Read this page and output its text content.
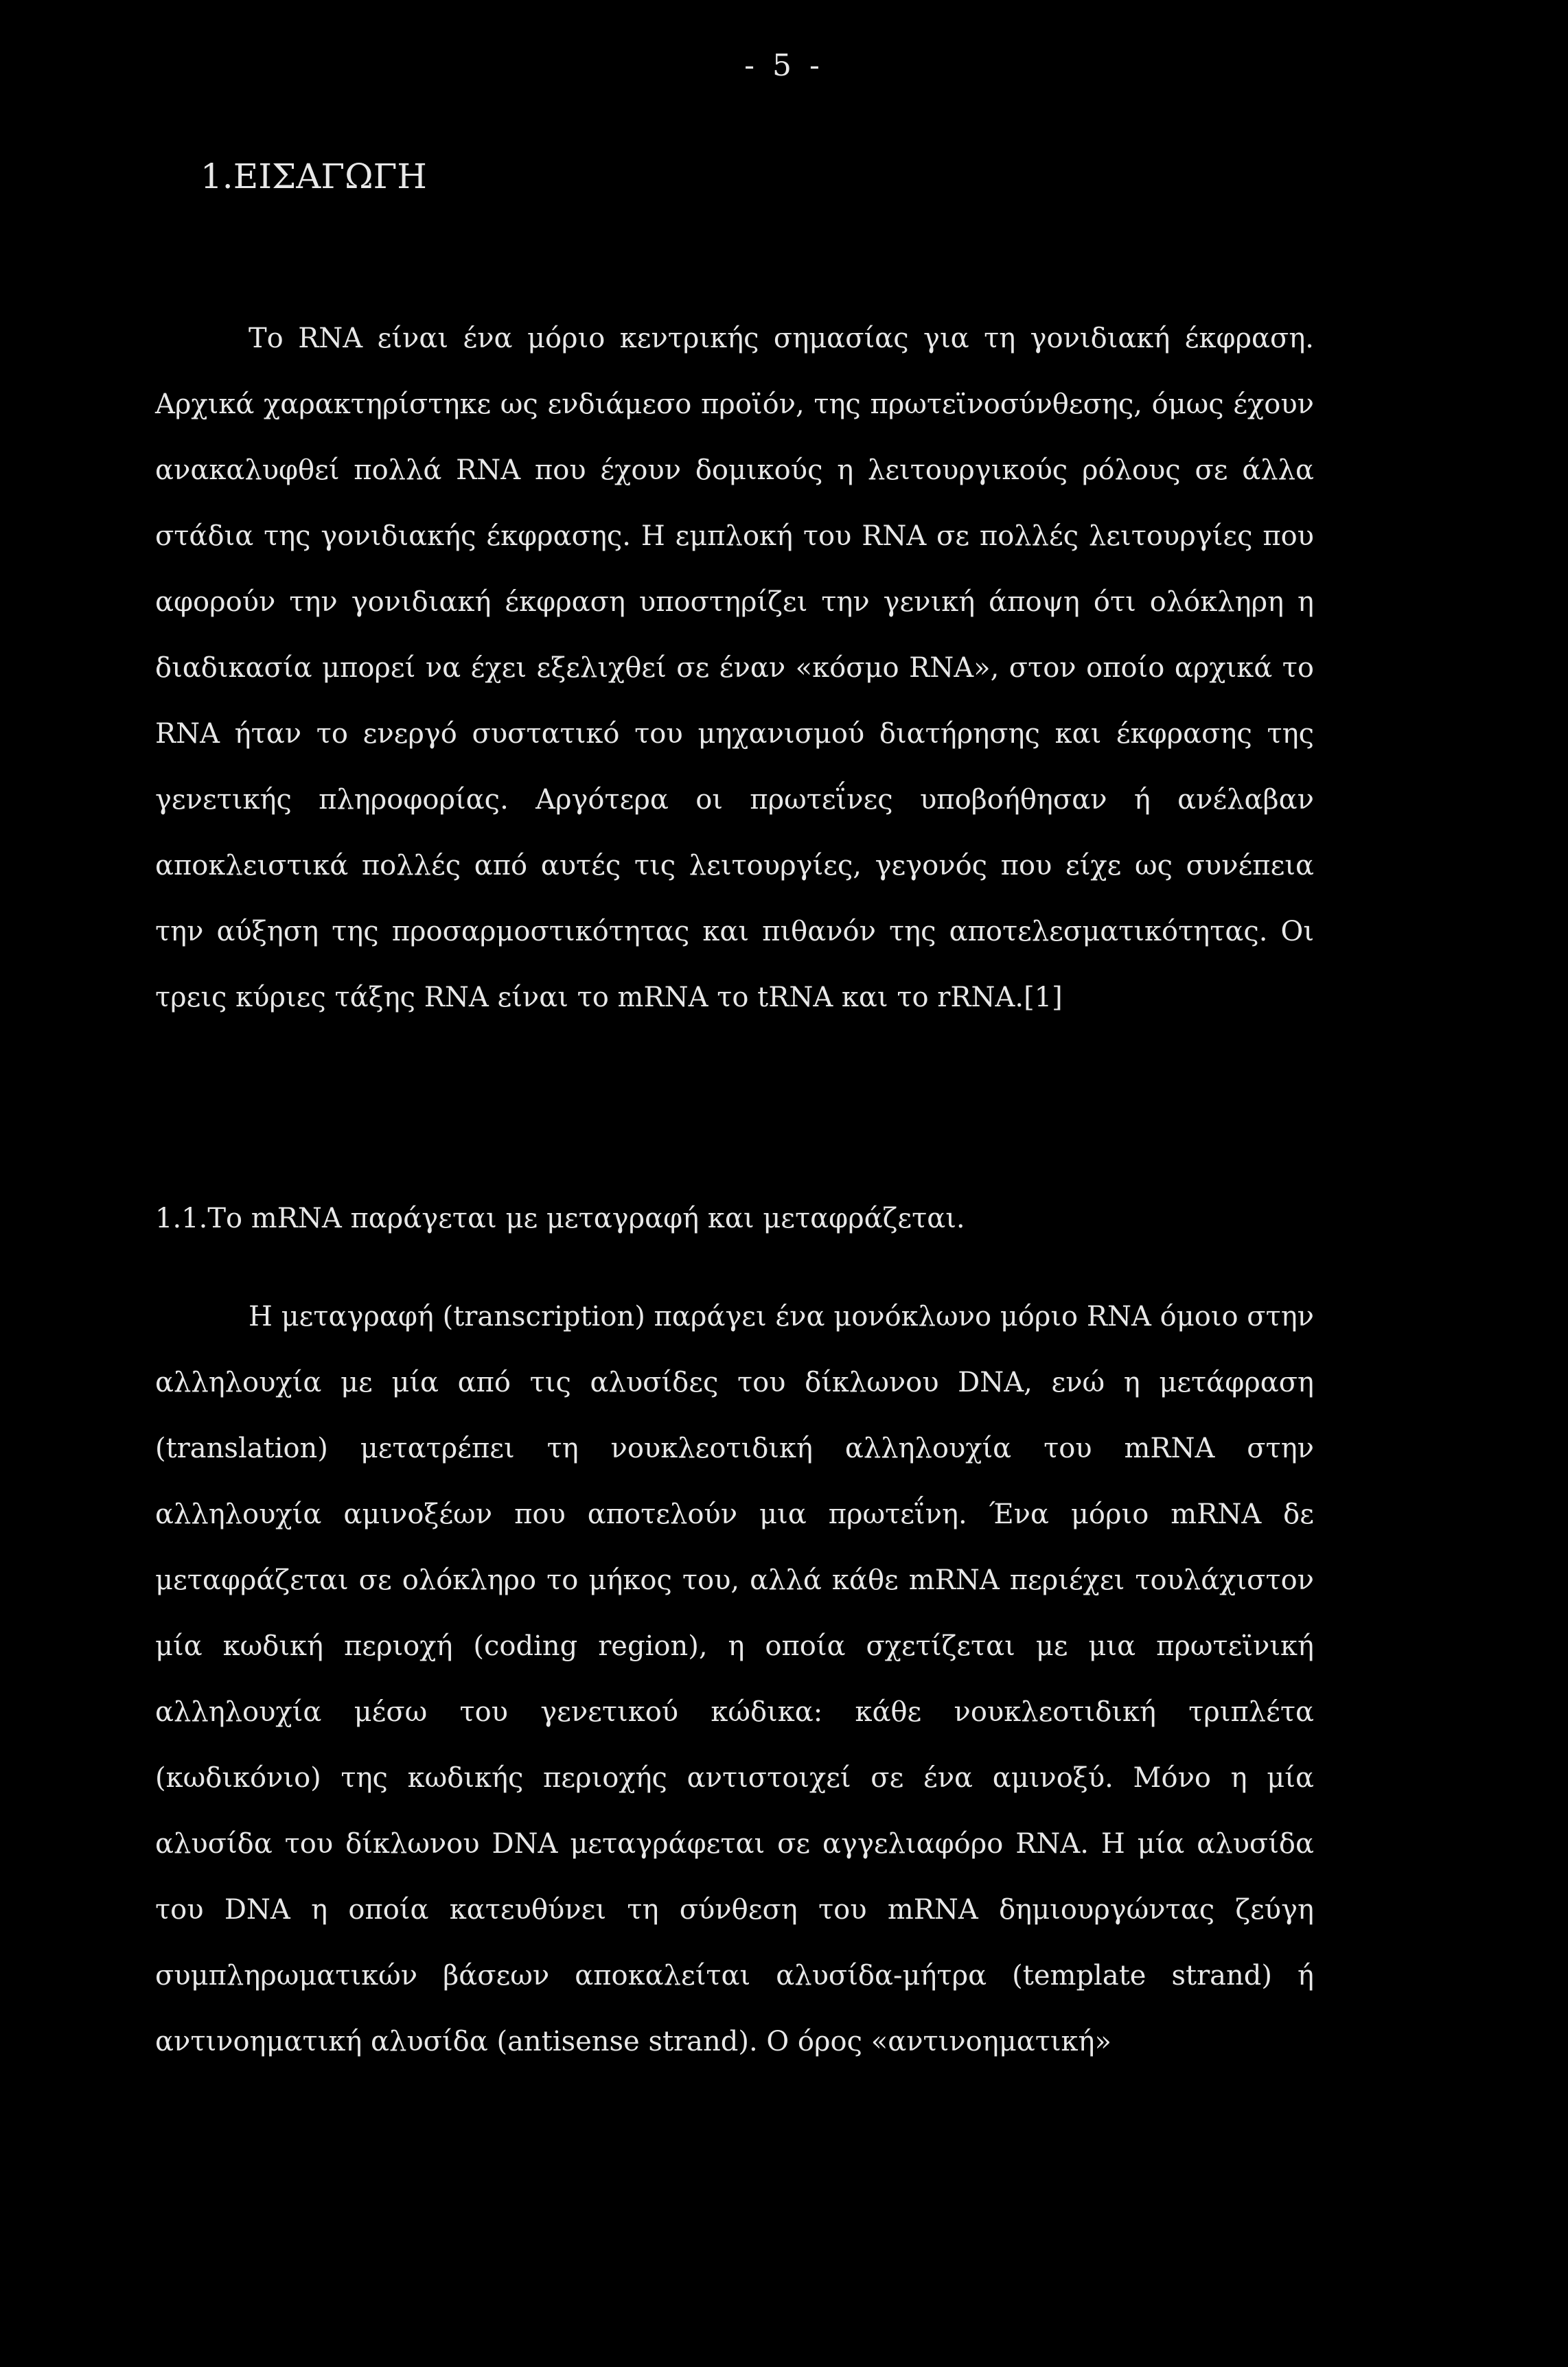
- 5 -
1.ΕΙΣΑΓΩΓΗ

Το RNA είναι ένα μόριο κεντρικής σημασίας για τη γονιδιακή έκφραση. Αρχικά χαρακτηρίστηκε ως ενδιάμεσο προϊόν, της πρωτεϊνοσύνθεσης, όμως έχουν ανακαλυφθεί πολλά RNA που έχουν δομικούς η λειτουργικούς ρόλους σε άλλα στάδια της γονιδιακής έκφρασης. Η εμπλοκή του RNA σε πολλές λειτουργίες που αφορούν την γονιδιακή έκφραση υποστηρίζει την γενική άποψη ότι ολόκληρη η διαδικασία μπορεί να έχει εξελιχθεί σε έναν «κόσμο RNA», στον οποίο αρχικά το RNA ήταν το ενεργό συστατικό του μηχανισμού διατήρησης και έκφρασης της γενετικής πληροφορίας. Αργότερα οι πρωτεΐνες υποβοήθησαν ή ανέλαβαν αποκλειστικά πολλές από αυτές τις λειτουργίες, γεγονός που είχε ως συνέπεια την αύξηση της προσαρμοστικότητας και πιθανόν της αποτελεσματικότητας. Οι τρεις κύριες τάξης RNA είναι το mRNA το tRNA και το rRNA.[1]

1.1.Το mRNA παράγεται με μεταγραφή και μεταφράζεται.

Η μεταγραφή (transcription) παράγει ένα μονόκλωνο μόριο RNA όμοιο στην αλληλουχία με μία από τις αλυσίδες του δίκλωνου DNA, ενώ η μετάφραση (translation) μετατρέπει τη νουκλεοτιδική αλληλουχία του mRNA στην αλληλουχία αμινοξέων που αποτελούν μια πρωτεΐνη. Ένα μόριο mRNA δε μεταφράζεται σε ολόκληρο το μήκος του, αλλά κάθε mRNA περιέχει τουλάχιστον μία κωδική περιοχή (coding region), η οποία σχετίζεται με μια πρωτεϊνική αλληλουχία μέσω του γενετικού κώδικα: κάθε νουκλεοτιδική τριπλέτα (κωδικόνιο) της κωδικής περιοχής αντιστοιχεί σε ένα αμινοξύ. Μόνο η μία αλυσίδα του δίκλωνου DNA μεταγράφεται σε αγγελιαφόρο RNA. Η μία αλυσίδα του DNA η οποία κατευθύνει τη σύνθεση του mRNA δημιουργώντας ζεύγη συμπληρωματικών βάσεων αποκαλείται αλυσίδα-μήτρα (template strand) ή αντινοηματική αλυσίδα (antisense strand). Ο όρος «αντινοηματική»
